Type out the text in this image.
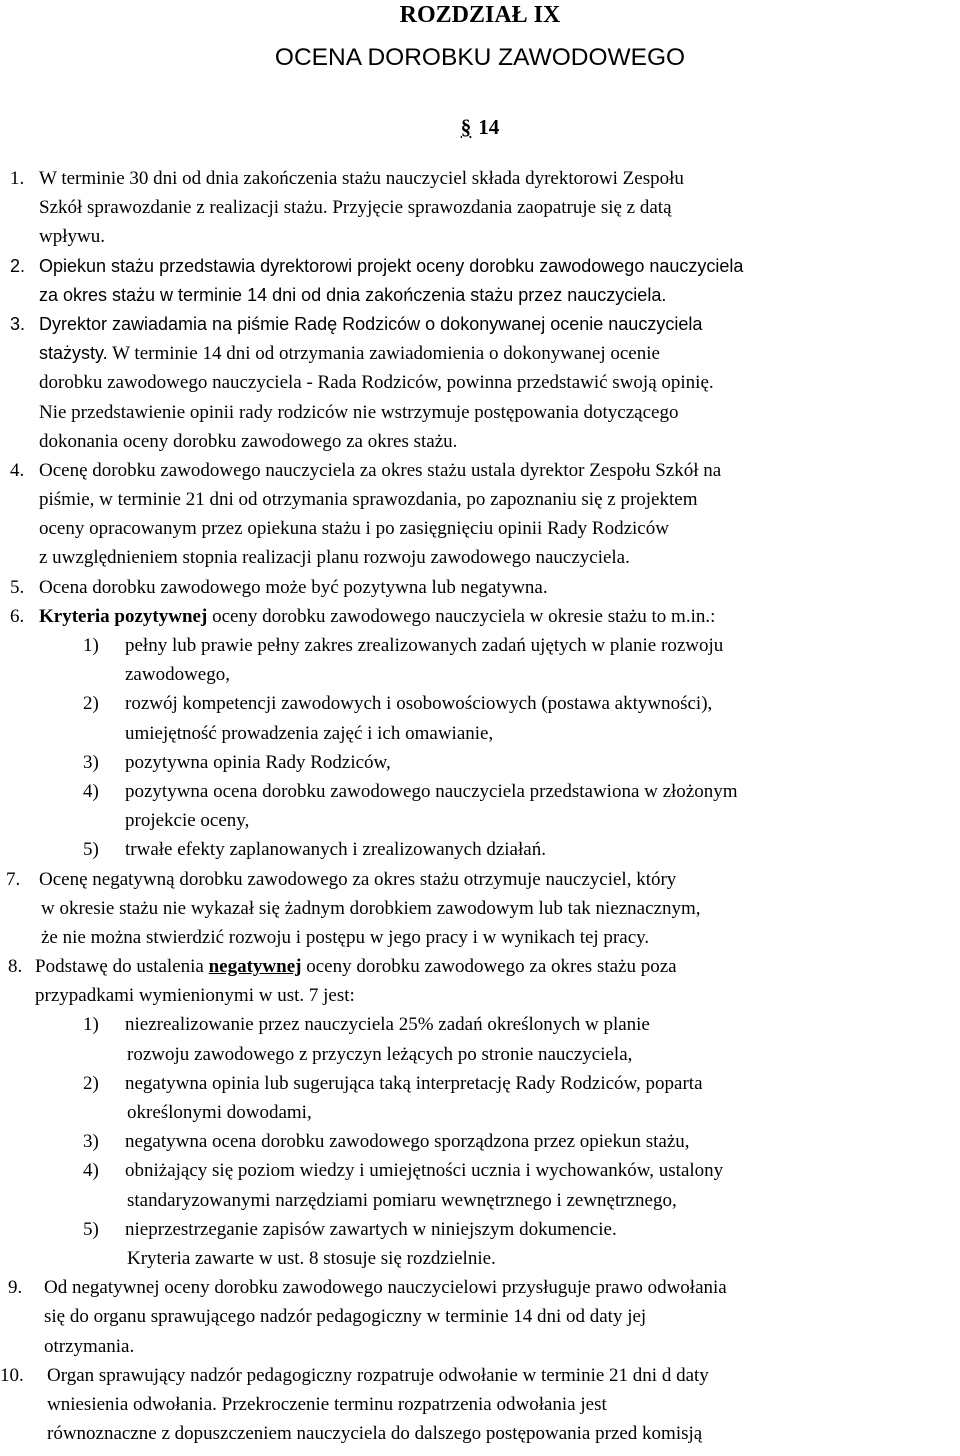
ROZDZIAŁ IX
OCENA DOROBKU ZAWODOWEGO
§ 14
1. W terminie 30 dni od dnia zakończenia stażu nauczyciel składa dyrektorowi Zespołu
Szkół sprawozdanie z realizacji stażu. Przyjęcie sprawozdania zaopatruje się z datą
wpływu.
2. Opiekun stażu przedstawia dyrektorowi projekt oceny dorobku zawodowego nauczyciela
za okres stażu w terminie 14 dni od dnia zakończenia stażu przez nauczyciela.
3. Dyrektor zawiadamia na piśmie Radę Rodziców o dokonywanej ocenie nauczyciela
stażysty. W terminie 14 dni od otrzymania zawiadomienia o dokonywanej ocenie
dorobku zawodowego nauczyciela - Rada Rodziców, powinna przedstawić swoją opinię.
Nie przedstawienie opinii rady rodziców nie wstrzymuje postępowania dotyczącego
dokonania oceny dorobku zawodowego za okres stażu.
4. Ocenę dorobku zawodowego nauczyciela za okres stażu ustala dyrektor Zespołu Szkół na
piśmie, w terminie 21 dni od otrzymania sprawozdania, po zapoznaniu się z projektem
oceny opracowanym przez opiekuna stażu i po zasięgnięciu opinii Rady Rodziców
z uwzględnieniem stopnia realizacji planu rozwoju zawodowego nauczyciela.
5. Ocena dorobku zawodowego może być pozytywna lub negatywna.
6. Kryteria pozytywnej oceny dorobku zawodowego nauczyciela w okresie stażu to m.in.:
1) pełny lub prawie pełny zakres zrealizowanych zadań ujętych w planie rozwoju
zawodowego,
2) rozwój kompetencji zawodowych i osobowościowych (postawa aktywności),
umiejętność prowadzenia zajęć i ich omawianie,
3) pozytywna opinia Rady Rodziców,
4) pozytywna ocena dorobku zawodowego nauczyciela przedstawiona w złożonym
projekcie oceny,
5) trwałe efekty zaplanowanych i zrealizowanych działań.
7. Ocenę negatywną dorobku zawodowego za okres stażu otrzymuje nauczyciel, który
w okresie stażu nie wykazał się żadnym dorobkiem zawodowym lub tak nieznacznym,
że nie można stwierdzić rozwoju i postępu w jego pracy i w wynikach tej pracy.
8. Podstawę do ustalenia negatywnej oceny dorobku zawodowego za okres stażu poza
przypadkami wymienionymi w ust. 7 jest:
1) niezrealizowanie przez nauczyciela 25% zadań określonych w planie
rozwoju zawodowego z przyczyn leżących po stronie nauczyciela,
2) negatywna opinia lub sugerująca taką interpretację Rady Rodziców, poparta
określonymi dowodami,
3) negatywna ocena dorobku zawodowego sporządzona przez opiekun stażu,
4) obniżający się poziom wiedzy i umiejętności ucznia i wychowanków, ustalony
standaryzowanymi narzędziami pomiaru wewnętrznego i zewnętrznego,
5) nieprzestrzeganie zapisów zawartych w niniejszym dokumencie.
Kryteria zawarte w ust. 8 stosuje się rozdzielnie.
9. Od negatywnej oceny dorobku zawodowego nauczycielowi przysługuje prawo odwołania
się do organu sprawującego nadzór pedagogiczny w terminie 14 dni od daty jej
otrzymania.
10. Organ sprawujący nadzór pedagogiczny rozpatruje odwołanie w terminie 21 dni d daty
wniesienia odwołania. Przekroczenie terminu rozpatrzenia odwołania jest
równoznaczne z dopuszczeniem nauczyciela do dalszego postępowania przed komisją
